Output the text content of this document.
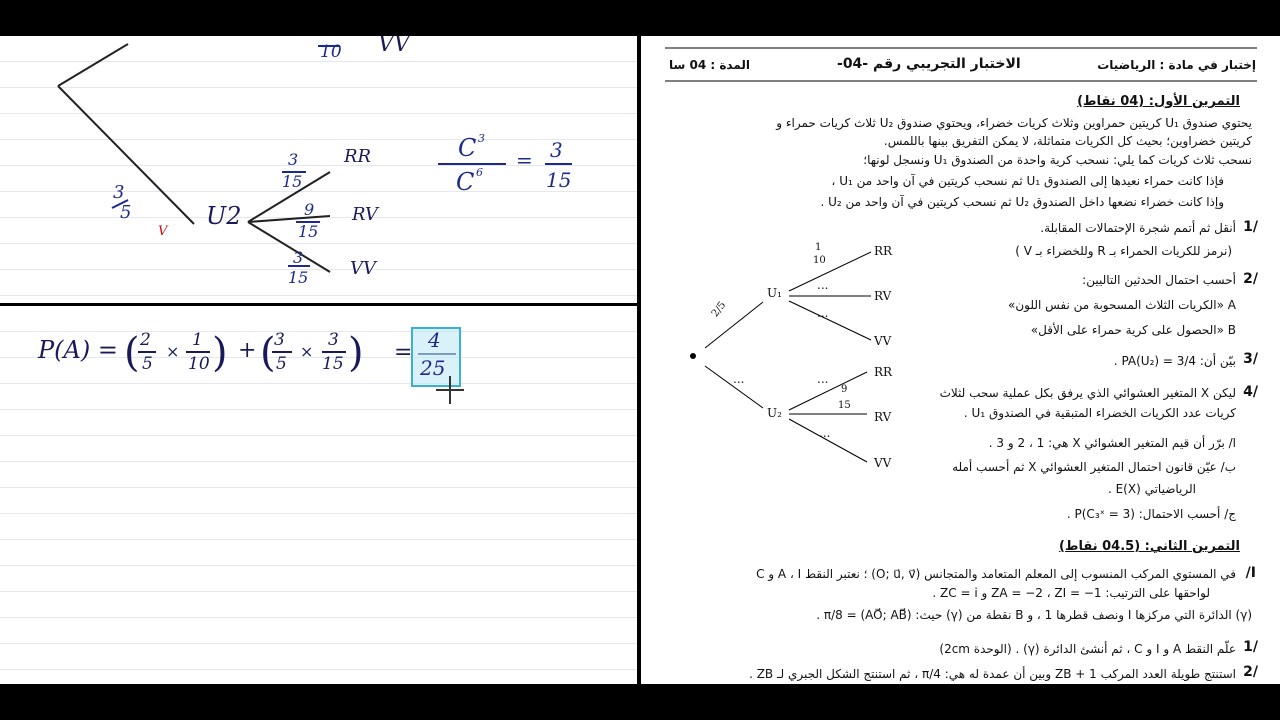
10 VV
3
5
V
U2
3
15
9
15
3
15
RR
RV
VV
C 3
C 6
= 3
15
P(A) = ( 2
5
×
1
10 ) + (
3
5
×
3
15 ) = 4
25
إختبار في مادة : الرياضيات
الاختبار التجريبي رقم -04-
المدة : 04 سا
التمرين الأول: (04 نقاط)
يحتوي صندوق U₁ كريتين حمراوين وثلاث كريات خضراء، ويحتوي صندوق U₂ ثلاث كريات حمراء و
كريتين خضراوين؛ بحيث كل الكريات متماثلة، لا يمكن التفريق بينها باللمس.
نسحب ثلاث كريات كما يلي: نسحب كرية واحدة من الصندوق U₁ ونسجل لونها؛
فإذا كانت حمراء نعيدها إلى الصندوق U₁ ثم نسحب كريتين في آن واحد من U₁ ،
وإذا كانت خضراء نضعها داخل الصندوق U₂ ثم نسحب كريتين في آن واحد من U₂ .
/1
أنقل ثم أتمم شجرة الإحتمالات المقابلة.
(نرمز للكريات الحمراء بـ R وللخضراء بـ V )
/2
أحسب احتمال الحدثين التاليين:
A «الكريات الثلاث المسحوبة من نفس اللون»
B «الحصول على كرية حمراء على الأقل»
/3
بيّن أن: PA(U₂) = 3/4 .
/4
ليكن X المتغير العشوائي الذي يرفق بكل عملية سحب لثلاث
كريات عدد الكريات الخضراء المتبقية في الصندوق U₁ .
ا/ برّر أن قيم المتغير العشوائي X هي: 1 ، 2 و 3 .
ب/ عيّن قانون احتمال المتغير العشوائي X ثم أحسب أمله
الرياضياتي E(X) .
ج/ أحسب الاحتمال: P(C₃ˣ = 3) .
التمرين الثاني: (04.5 نقاط)
I/
في المستوي المركب المنسوب إلى المعلم المتعامد والمتجانس (O; u⃗, v⃗) ؛ نعتبر النقط A ، I و C
لواحقها على الترتيب: ZA = −2 ، ZI = −1 و ZC = i .
(γ) الدائرة التي مركزها I ونصف قطرها 1 ، و B نقطة من (γ) حيث: (AO⃗; AB⃗) = π/8 .
/1
علّم النقط A و I و C ، ثم أنشئ الدائرة (γ) . (الوحدة 2cm)
/2
استنتج طويلة العدد المركب ZB + 1 وبين أن عمدة له هي: π/4 ، ثم استنتج الشكل الجبري لـ ZB .
U₁
U₂
2/5
...
1
10
...
...
...
9
15
...
RR
RV
VV
RR
RV
VV
